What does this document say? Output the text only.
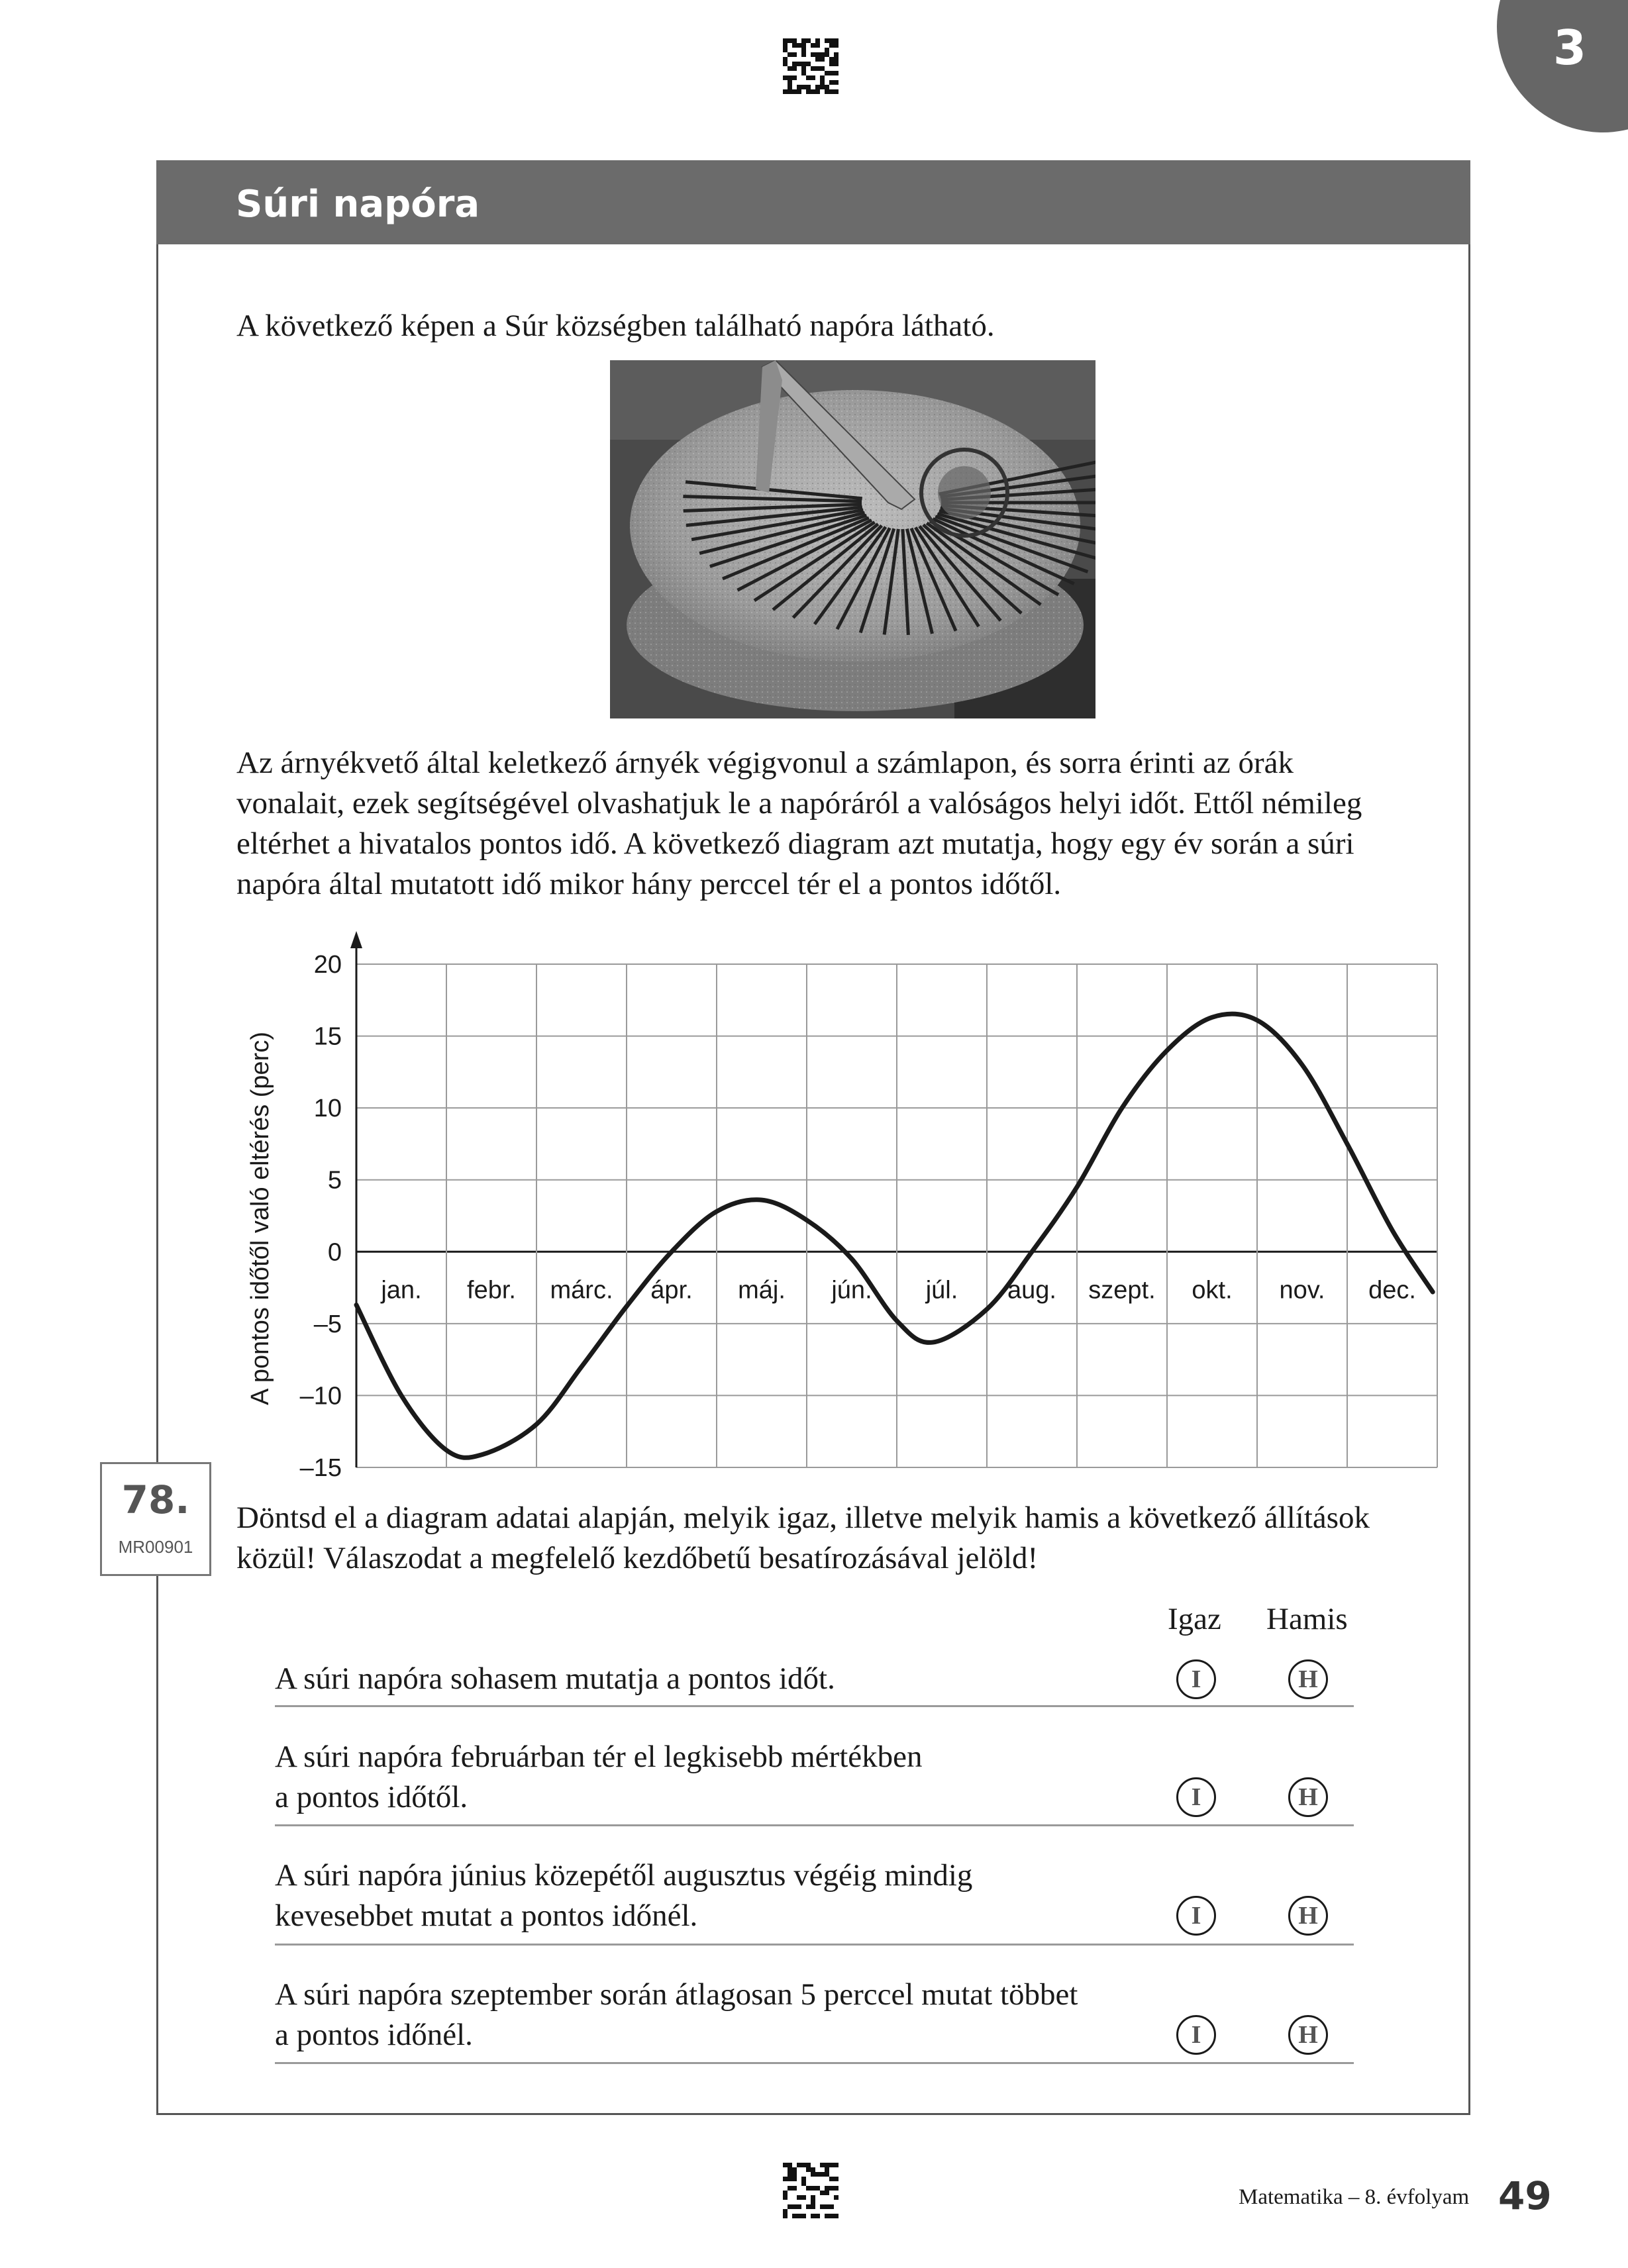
3
Súri napóra
A következő képen a Súr községben található napóra látható.
Az árnyékvető által keletkező árnyék végigvonul a számlapon, és sorra érinti az órák
vonalait, ezek segítségével olvashatjuk le a napóráról a valóságos helyi időt. Ettől némileg
eltérhet a hivatalos pontos idő. A következő diagram azt mutatja, hogy egy év során a súri
napóra által mutatott idő mikor hány perccel tér el a pontos időtől.
20
15
10
5
0
–5
–10
–15
jan. febr. márc. ápr. máj. jún. júl. aug. szept. okt. nov. dec.
A pontos időtől való eltérés (perc)
78.
MR00901
Döntsd el a diagram adatai alapján, melyik igaz, illetve melyik hamis a következő állítások
közül! Válaszodat a megfelelő kezdőbetű besatírozásával jelöld!
Igaz Hamis
A súri napóra sohasem mutatja a pontos időt.	I	H
A súri napóra februárban tér el legkisebb mértékben
a pontos időtől.	I	H
A súri napóra június közepétől augusztus végéig mindig
kevesebbet mutat a pontos időnél.	I	H
A súri napóra szeptember során átlagosan 5 perccel mutat többet
a pontos időnél.	I	H
Matematika – 8. évfolyam 49
